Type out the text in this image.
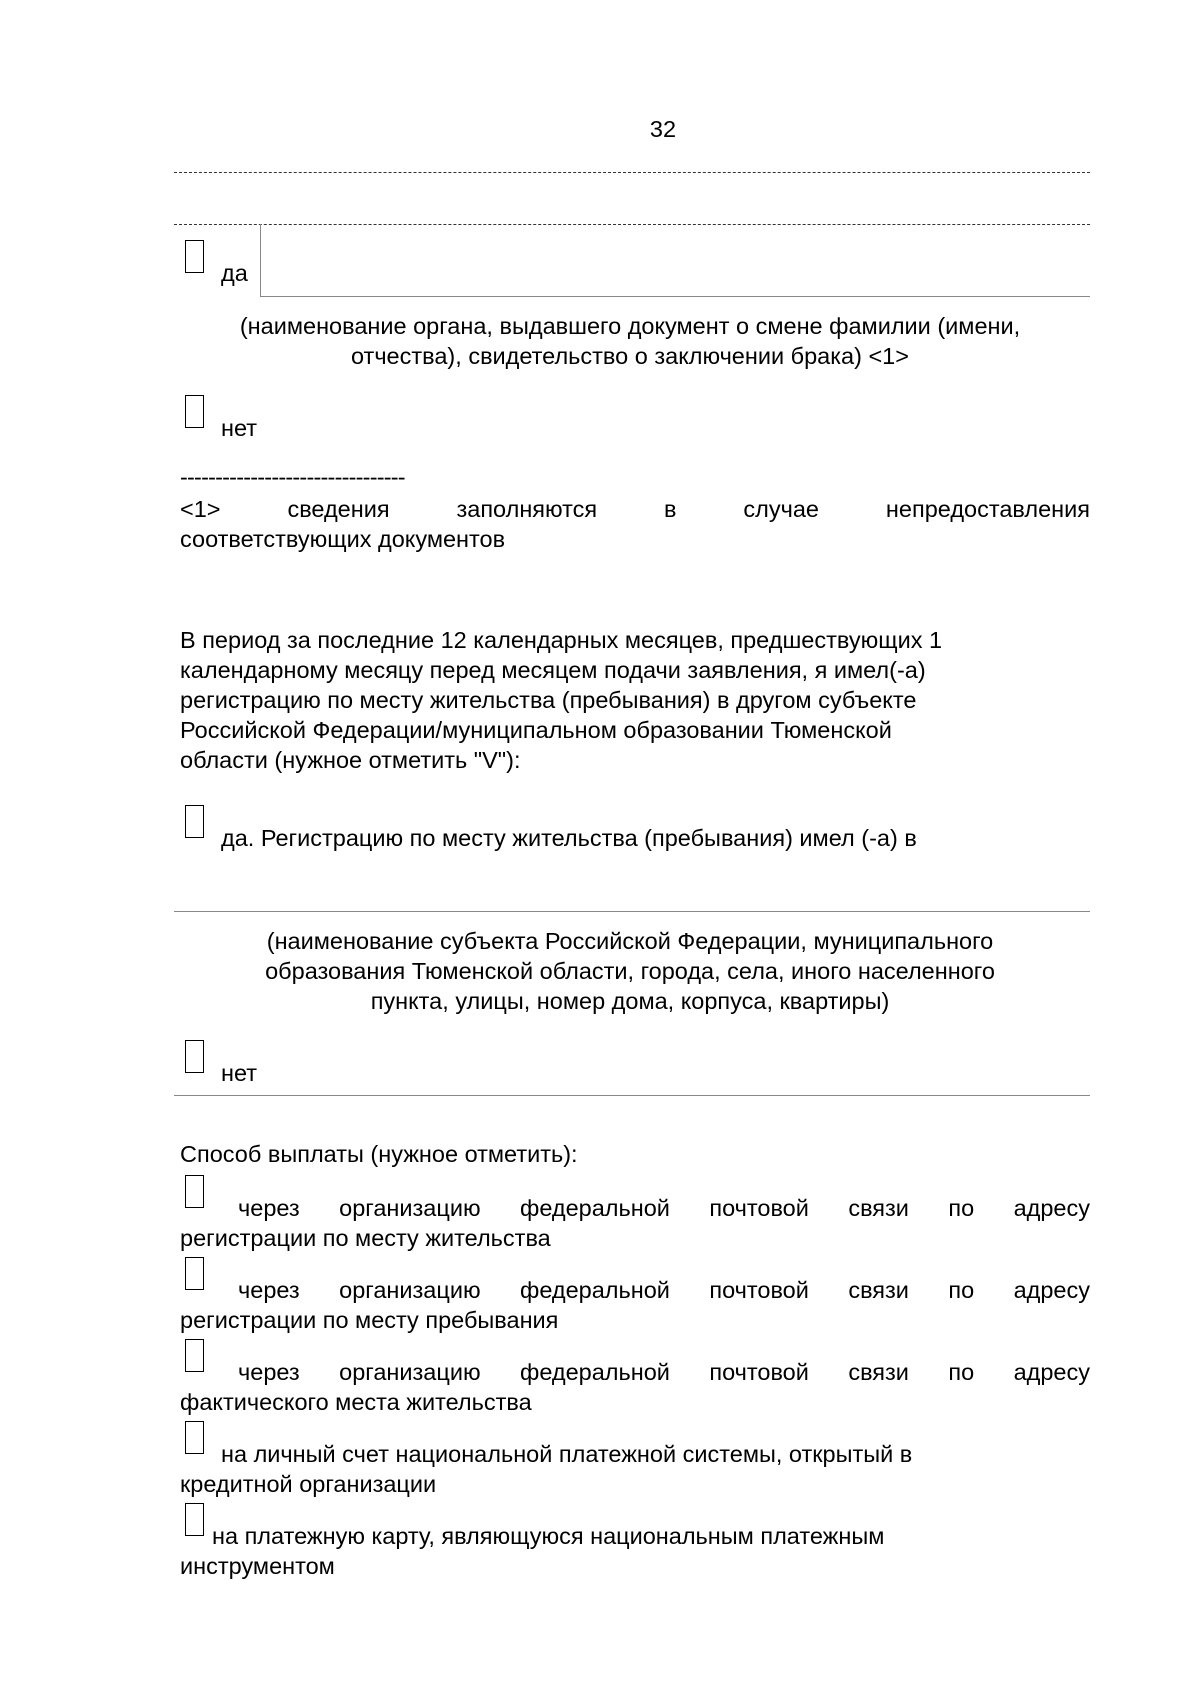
32
да
(наименование органа, выдавшего документ о смене фамилии (имени,
отчества), свидетельство о заключении брака) <1>
нет
--------------------------------
<1>	сведения	заполняются	в	случае	непредоставления
соответствующих документов
В период за последние 12 календарных месяцев, предшествующих 1
календарному месяцу перед месяцем подачи заявления, я имел(-а)
регистрацию по месту жительства (пребывания) в другом субъекте
Российской Федерации/муниципальном образовании Тюменской
области (нужное отметить "V"):
да. Регистрацию по месту жительства (пребывания) имел (-а) в
(наименование субъекта Российской Федерации, муниципального
образования Тюменской области, города, села, иного населенного
пункта, улицы, номер дома, корпуса, квартиры)
нет
Способ выплаты (нужное отметить):
через организацию федеральной почтовой связи по адресу
регистрации по месту жительства
через организацию федеральной почтовой связи по адресу
регистрации по месту пребывания
через организацию федеральной почтовой связи по адресу
фактического места жительства
на личный счет национальной платежной системы, открытый в
кредитной организации
на платежную карту, являющуюся национальным платежным
инструментом
